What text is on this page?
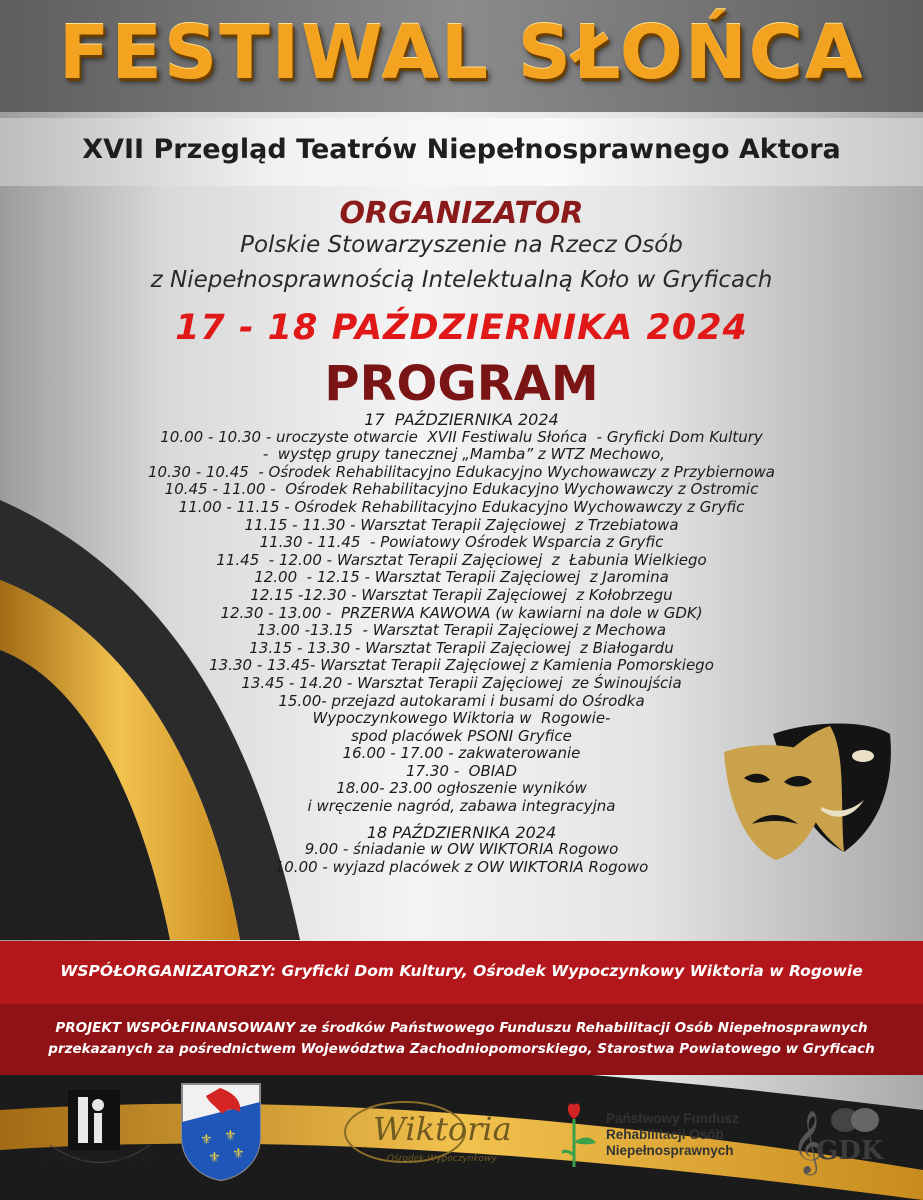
FESTIWAL SŁOŃCA
XVII Przegląd Teatrów Niepełnosprawnego Aktora
ORGANIZATOR
Polskie Stowarzyszenie na Rzecz Osób
z Niepełnosprawnością Intelektualną Koło w Gryficach
17 - 18 PAŹDZIERNIKA 2024
PROGRAM
17  PAŹDZIERNIKA 2024
10.00 - 10.30 - uroczyste otwarcie  XVII Festiwalu Słońca  - Gryficki Dom Kultury
-  występ grupy tanecznej „Mamba” z WTZ Mechowo,
10.30 - 10.45  - Ośrodek Rehabilitacyjno Edukacyjno Wychowawczy z Przybiernowa
10.45 - 11.00 -  Ośrodek Rehabilitacyjno Edukacyjno Wychowawczy z Ostromic
11.00 - 11.15 - Ośrodek Rehabilitacyjno Edukacyjno Wychowawczy z Gryfic
11.15 - 11.30 - Warsztat Terapii Zajęciowej  z Trzebiatowa
11.30 - 11.45  - Powiatowy Ośrodek Wsparcia z Gryfic
11.45  - 12.00 - Warsztat Terapii Zajęciowej  z  Łabunia Wielkiego
12.00  - 12.15 - Warsztat Terapii Zajęciowej  z Jaromina
12.15 -12.30 - Warsztat Terapii Zajęciowej  z Kołobrzegu
12.30 - 13.00 -  PRZERWA KAWOWA (w kawiarni na dole w GDK)
13.00 -13.15  - Warsztat Terapii Zajęciowej z Mechowa
13.15 - 13.30 - Warsztat Terapii Zajęciowej  z Białogardu
13.30 - 13.45- Warsztat Terapii Zajęciowej z Kamienia Pomorskiego
13.45 - 14.20 - Warsztat Terapii Zajęciowej  ze Świnoujścia
15.00- przejazd autokarami i busami do Ośrodka
Wypoczynkowego Wiktoria w  Rogowie-
spod placówek PSONI Gryfice
16.00 - 17.00 - zakwaterowanie
17.30 -  OBIAD
18.00- 23.00 ogłoszenie wyników
i wręczenie nagród, zabawa integracyjna
18 PAŹDZIERNIKA 2024
9.00 - śniadanie w OW WIKTORIA Rogowo
10.00 - wyjazd placówek z OW WIKTORIA Rogowo
WSPÓŁORGANIZATORZY: Gryficki Dom Kultury, Ośrodek Wypoczynkowy Wiktoria w Rogowie
PROJEKT WSPÓŁFINANSOWANY ze środków Państwowego Funduszu Rehabilitacji Osób Niepełnosprawnych
przekazanych za pośrednictwem Województwa Zachodniopomorskiego, Starostwa Powiatowego w Gryficach
„OTWÓRZMY PRZED NIMI ŻYCIE”
⚜ ⚜
⚜ ⚜
Wiktoria
Ośrodek Wypoczynkowy
Państwowy Fundusz
Rehabilitacji Osób
Niepełnosprawnych 𝄞
GDK
